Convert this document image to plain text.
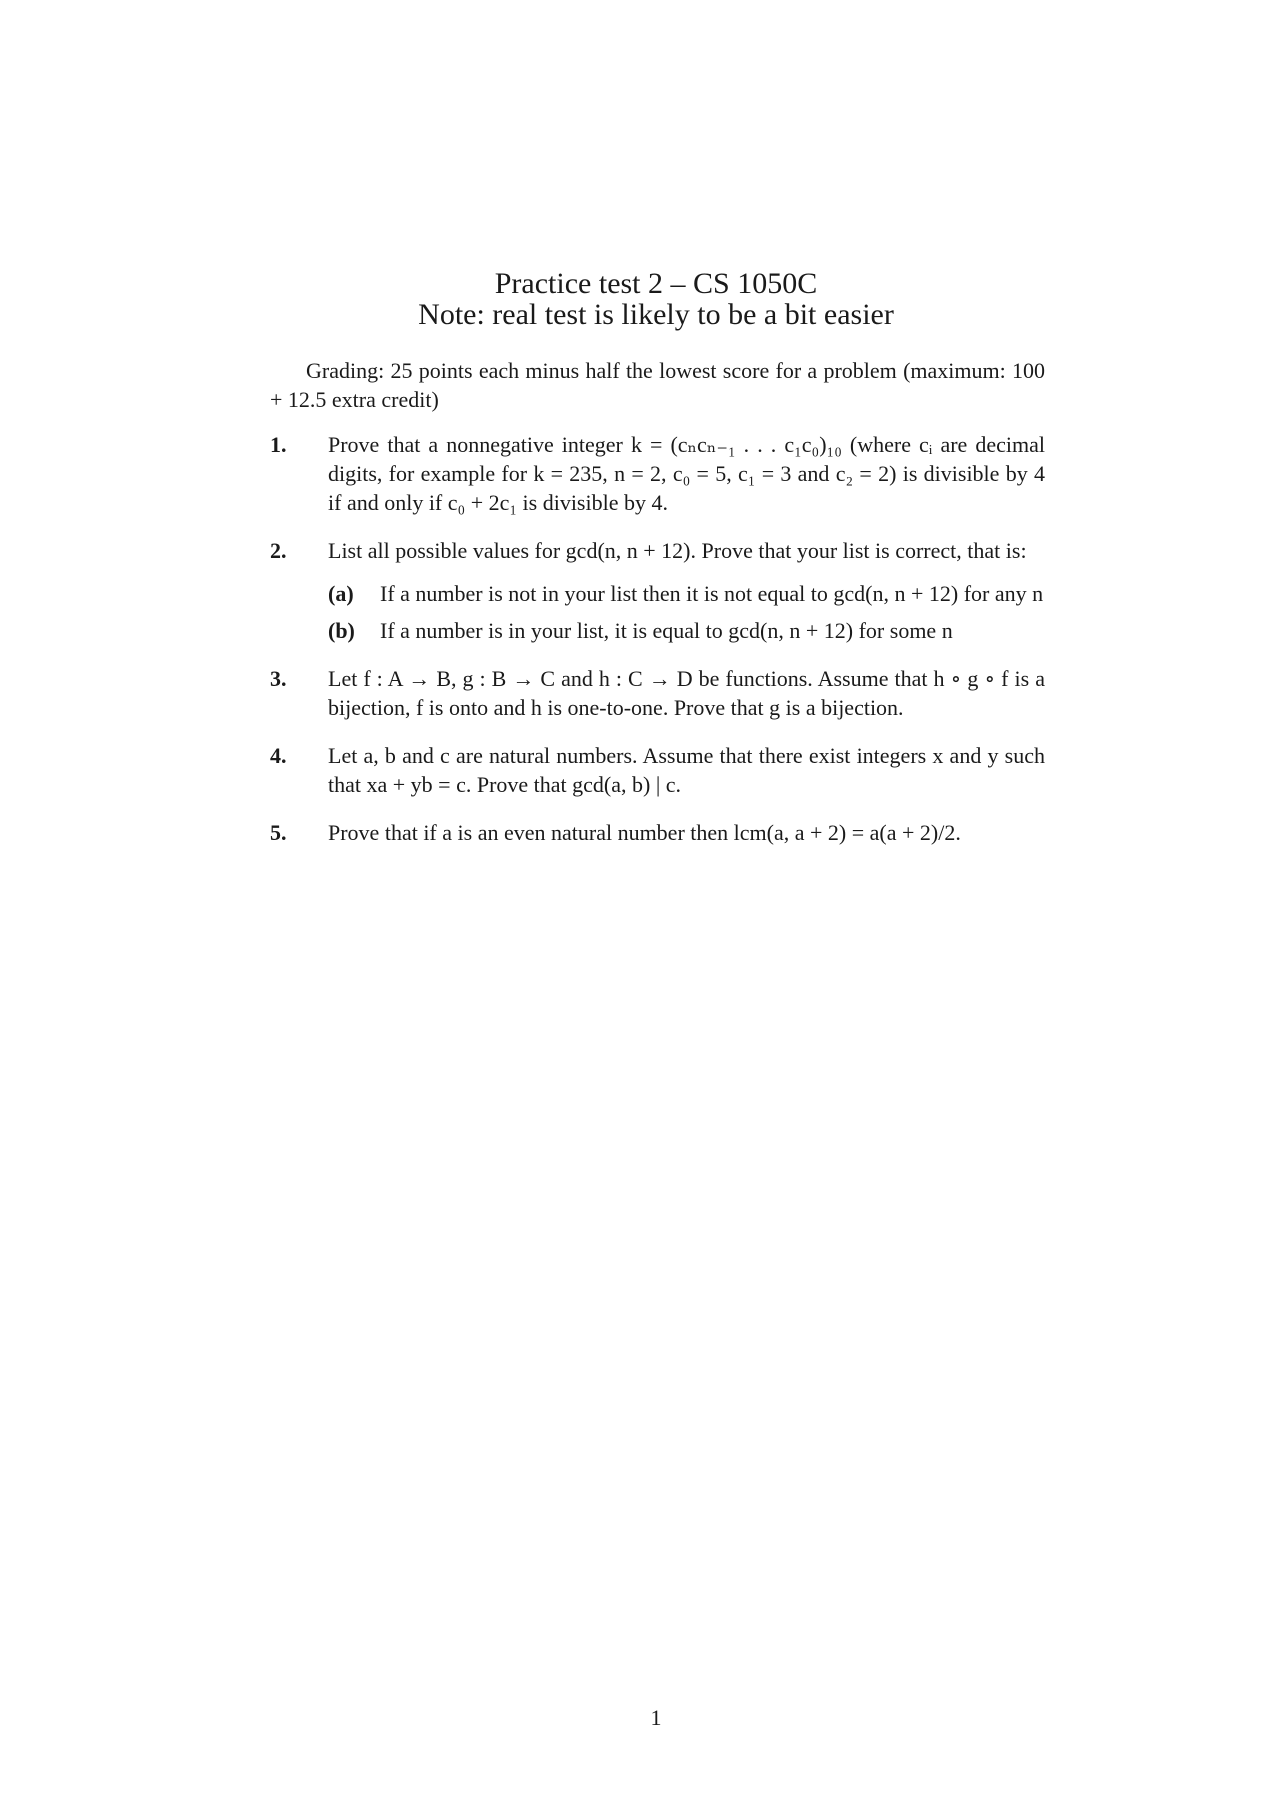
Practice test 2 – CS 1050C
Note: real test is likely to be a bit easier

Grading: 25 points each minus half the lowest score for a problem (maximum: 100 + 12.5 extra credit)

1. Prove that a nonnegative integer k = (cₙcₙ₋₁ . . . c₁c₀)₁₀ (where cᵢ are decimal digits, for example for k = 235, n = 2, c₀ = 5, c₁ = 3 and c₂ = 2) is divisible by 4 if and only if c₀ + 2c₁ is divisible by 4.
2. List all possible values for gcd(n, n + 12). Prove that your list is correct, that is:
(a) If a number is not in your list then it is not equal to gcd(n, n + 12) for any n
(b) If a number is in your list, it is equal to gcd(n, n + 12) for some n
3. Let f : A → B, g : B → C and h : C → D be functions. Assume that h ∘ g ∘ f is a bijection, f is onto and h is one-to-one. Prove that g is a bijection.
4. Let a, b and c are natural numbers. Assume that there exist integers x and y such that xa + yb = c. Prove that gcd(a, b) | c.
5. Prove that if a is an even natural number then lcm(a, a + 2) = a(a + 2)/2.
1
